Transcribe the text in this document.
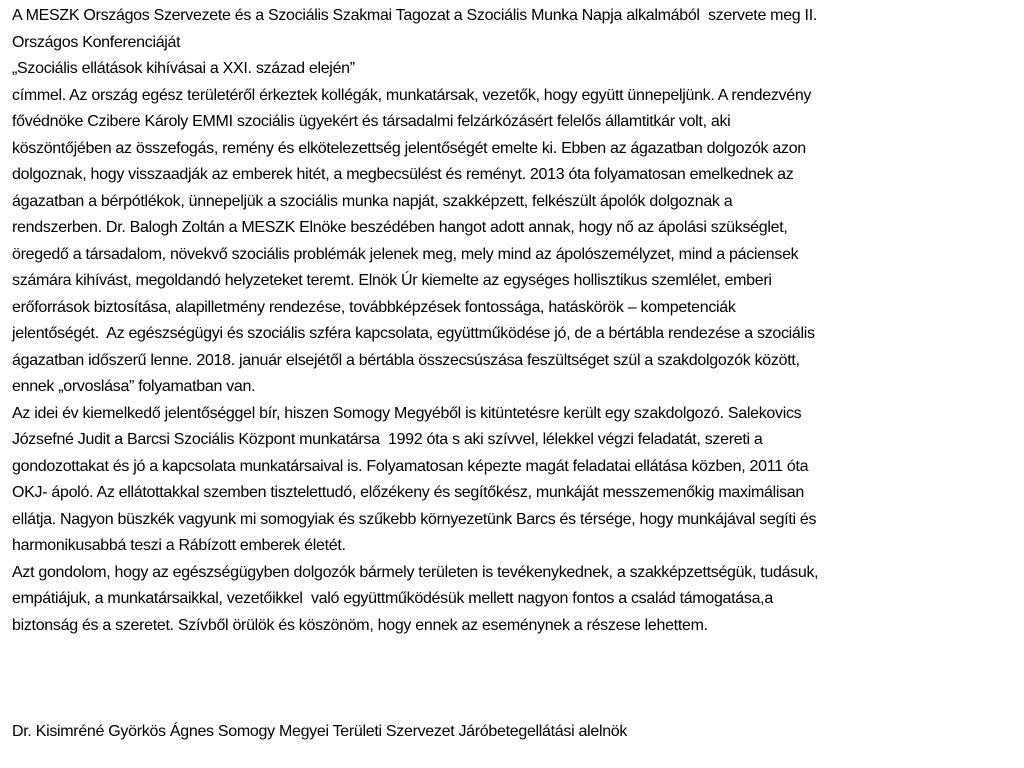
A MESZK Országos Szervezete és a Szociális Szakmai Tagozat a Szociális Munka Napja alkalmából  szervete meg II.
Országos Konferenciáját
„Szociális ellátások kihívásai a XXI. század elején”
címmel. Az ország egész területéről érkeztek kollégák, munkatársak, vezetők, hogy együtt ünnepeljünk. A rendezvény
fővédnöke Czibere Károly EMMI szociális ügyekért és társadalmi felzárkózásért felelős államtitkár volt, aki
köszöntőjében az összefogás, remény és elkötelezettség jelentőségét emelte ki. Ebben az ágazatban dolgozók azon
dolgoznak, hogy visszaadják az emberek hitét, a megbecsülést és reményt. 2013 óta folyamatosan emelkednek az
ágazatban a bérpótlékok, ünnepeljük a szociális munka napját, szakképzett, felkészült ápolók dolgoznak a
rendszerben. Dr. Balogh Zoltán a MESZK Elnöke beszédében hangot adott annak, hogy nő az ápolási szükséglet,
öregedő a társadalom, növekvő szociális problémák jelenek meg, mely mind az ápolószemélyzet, mind a páciensek
számára kihívást, megoldandó helyzeteket teremt. Elnök Úr kiemelte az egységes hollisztikus szemlélet, emberi
erőforrások biztosítása, alapilletmény rendezése, továbbképzések fontossága, hatáskörök – kompetenciák
jelentőségét.  Az egészségügyi és szociális szféra kapcsolata, együttműködése jó, de a bértábla rendezése a szociális
ágazatban időszerű lenne. 2018. január elsejétől a bértábla összecsúszása feszültséget szül a szakdolgozók között,
ennek „orvoslása” folyamatban van.
Az idei év kiemelkedő jelentőséggel bír, hiszen Somogy Megyéből is kitüntetésre került egy szakdolgozó. Salekovics
Józsefné Judit a Barcsi Szociális Központ munkatársa  1992 óta s aki szívvel, lélekkel végzi feladatát, szereti a
gondozottakat és jó a kapcsolata munkatársaival is. Folyamatosan képezte magát feladatai ellátása közben, 2011 óta
OKJ- ápoló. Az ellátottakkal szemben tisztelettudó, előzékeny és segítőkész, munkáját messzemenőkig maximálisan
ellátja. Nagyon büszkék vagyunk mi somogyiak és szűkebb környezetünk Barcs és térsége, hogy munkájával segíti és
harmonikusabbá teszi a Rábízott emberek életét.
Azt gondolom, hogy az egészségügyben dolgozók bármely területen is tevékenykednek, a szakképzettségük, tudásuk,
empátiájuk, a munkatársaikkal, vezetőikkel  való együttműködésük mellett nagyon fontos a család támogatása,a
biztonság és a szeretet. Szívből örülök és köszönöm, hogy ennek az eseménynek a részese lehettem.
Dr. Kisimréné Györkös Ágnes Somogy Megyei Területi Szervezet Járóbetegellátási alelnök
